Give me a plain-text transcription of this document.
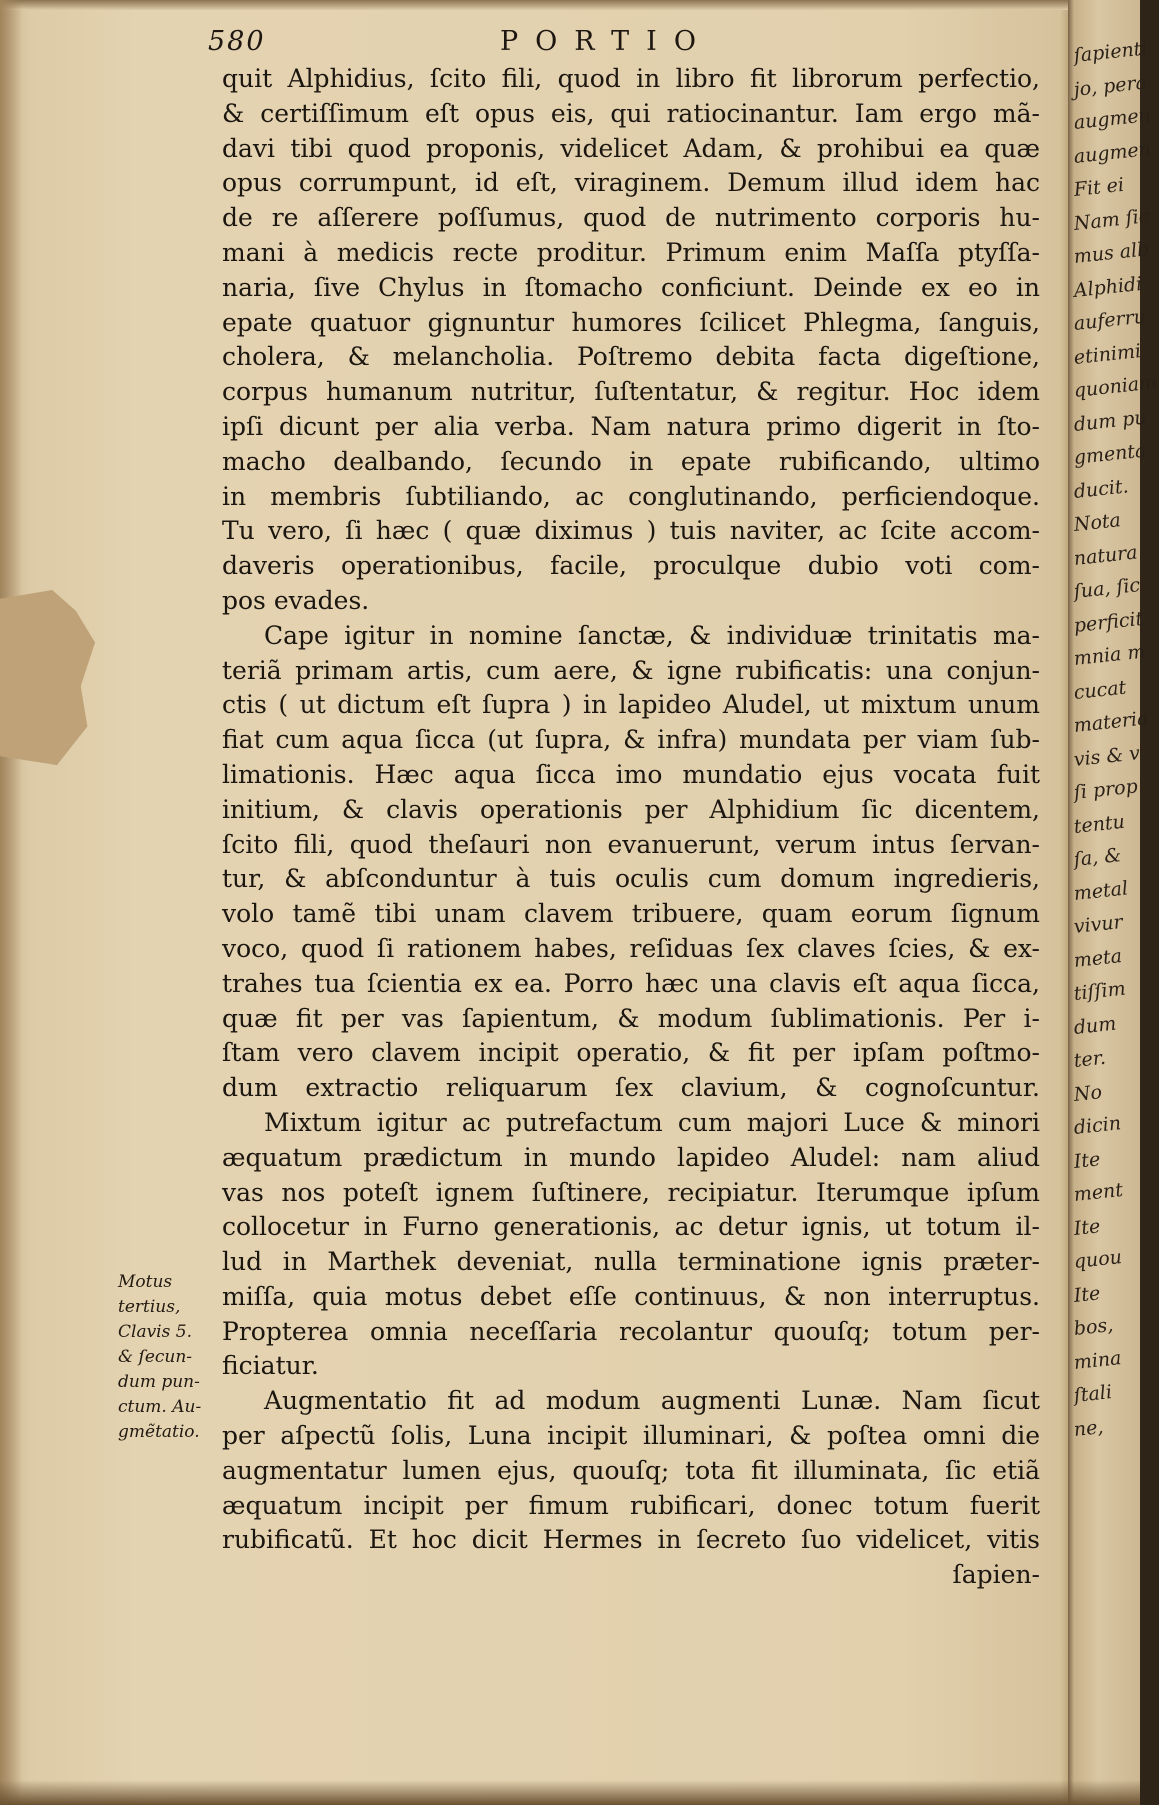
580	PORTIO
quit Alphidius, ſcito fili, quod in libro fit librorum perfectio,
& certiſſimum eſt opus eis, qui ratiocinantur. Iam ergo mã-
davi tibi quod proponis, videlicet Adam, & prohibui ea quæ
opus corrumpunt, id eſt, viraginem. Demum illud idem hac
de re aſſerere poſſumus, quod de nutrimento corporis hu-
mani à medicis recte proditur. Primum enim Maſſa ptyſſa-
naria, ſive Chylus in ſtomacho conficiunt. Deinde ex eo in
epate quatuor gignuntur humores ſcilicet Phlegma, ſanguis,
cholera, & melancholia. Poſtremo debita facta digeſtione,
corpus humanum nutritur, ſuſtentatur, & regitur. Hoc idem
ipſi dicunt per alia verba. Nam natura primo digerit in ſto-
macho dealbando, ſecundo in epate rubificando, ultimo
in membris ſubtiliando, ac conglutinando, perficiendoque.
Tu vero, ſi hæc ( quæ diximus ) tuis naviter, ac ſcite accom-
daveris operationibus, facile, proculque dubio voti com-
pos evades.
Cape igitur in nomine ſanctæ, & individuæ trinitatis ma-
teriã primam artis, cum aere, & igne rubificatis: una conjun-
ctis ( ut dictum eſt ſupra ) in lapideo Aludel, ut mixtum unum
fiat cum aqua ſicca (ut ſupra, & infra) mundata per viam ſub-
limationis. Hæc aqua ſicca imo mundatio ejus vocata fuit
initium, & clavis operationis per Alphidium ſic dicentem,
ſcito fili, quod theſauri non evanuerunt, verum intus ſervan-
tur, & abſconduntur à tuis oculis cum domum ingredieris,
volo tamẽ tibi unam clavem tribuere, quam eorum ſignum
voco, quod ſi rationem habes, reſiduas ſex claves ſcies, & ex-
trahes tua ſcientia ex ea. Porro hæc una clavis eſt aqua ſicca,
quæ fit per vas ſapientum, & modum ſublimationis. Per i-
ſtam vero clavem incipit operatio, & fit per ipſam poſtmo-
dum extractio reliquarum ſex clavium, & cognoſcuntur.
Mixtum igitur ac putrefactum cum majori Luce & minori
æquatum prædictum in mundo lapideo Aludel: nam aliud
vas nos poteſt ignem ſuſtinere, recipiatur. Iterumque ipſum
collocetur in Furno generationis, ac detur ignis, ut totum il-
lud in Marthek deveniat, nulla terminatione ignis præter-
miſſa, quia motus debet eſſe continuus, & non interruptus.
Propterea omnia neceſſaria recolantur quouſq; totum per-
ficiatur.
Augmentatio fit ad modum augmenti Lunæ. Nam ſicut
per aſpectũ ſolis, Luna incipit illuminari, & poſtea omni die
augmentatur lumen ejus, quouſq; tota fit illuminata, ſic etiã
æquatum incipit per fimum rubificari, donec totum fuerit
rubificatũ. Et hoc dicit Hermes in ſecreto ſuo videlicet, vitis
ſapien-
Motus
tertius,
Clavis 5.
& ſecun-
dum pun-
ctum. Au-
gmẽtatio.
ſapienti
jo, pera
augmen
augmen
Fit ei
Nam ſic
mus alb
Alphidi
auferru
etinimi
quoniam
dum pu
gmenta
ducit.
Nota
natura
ſua, ſic
perficit
mnia m
cucat
materia
vis & v
ſi prop
tentu
ſa, &
metal
vivur
meta
tiſſim
dum
ter.
No
dicin
Ite
ment
Ite
quou
Ite
bos,
mina
ſtali
ne,
